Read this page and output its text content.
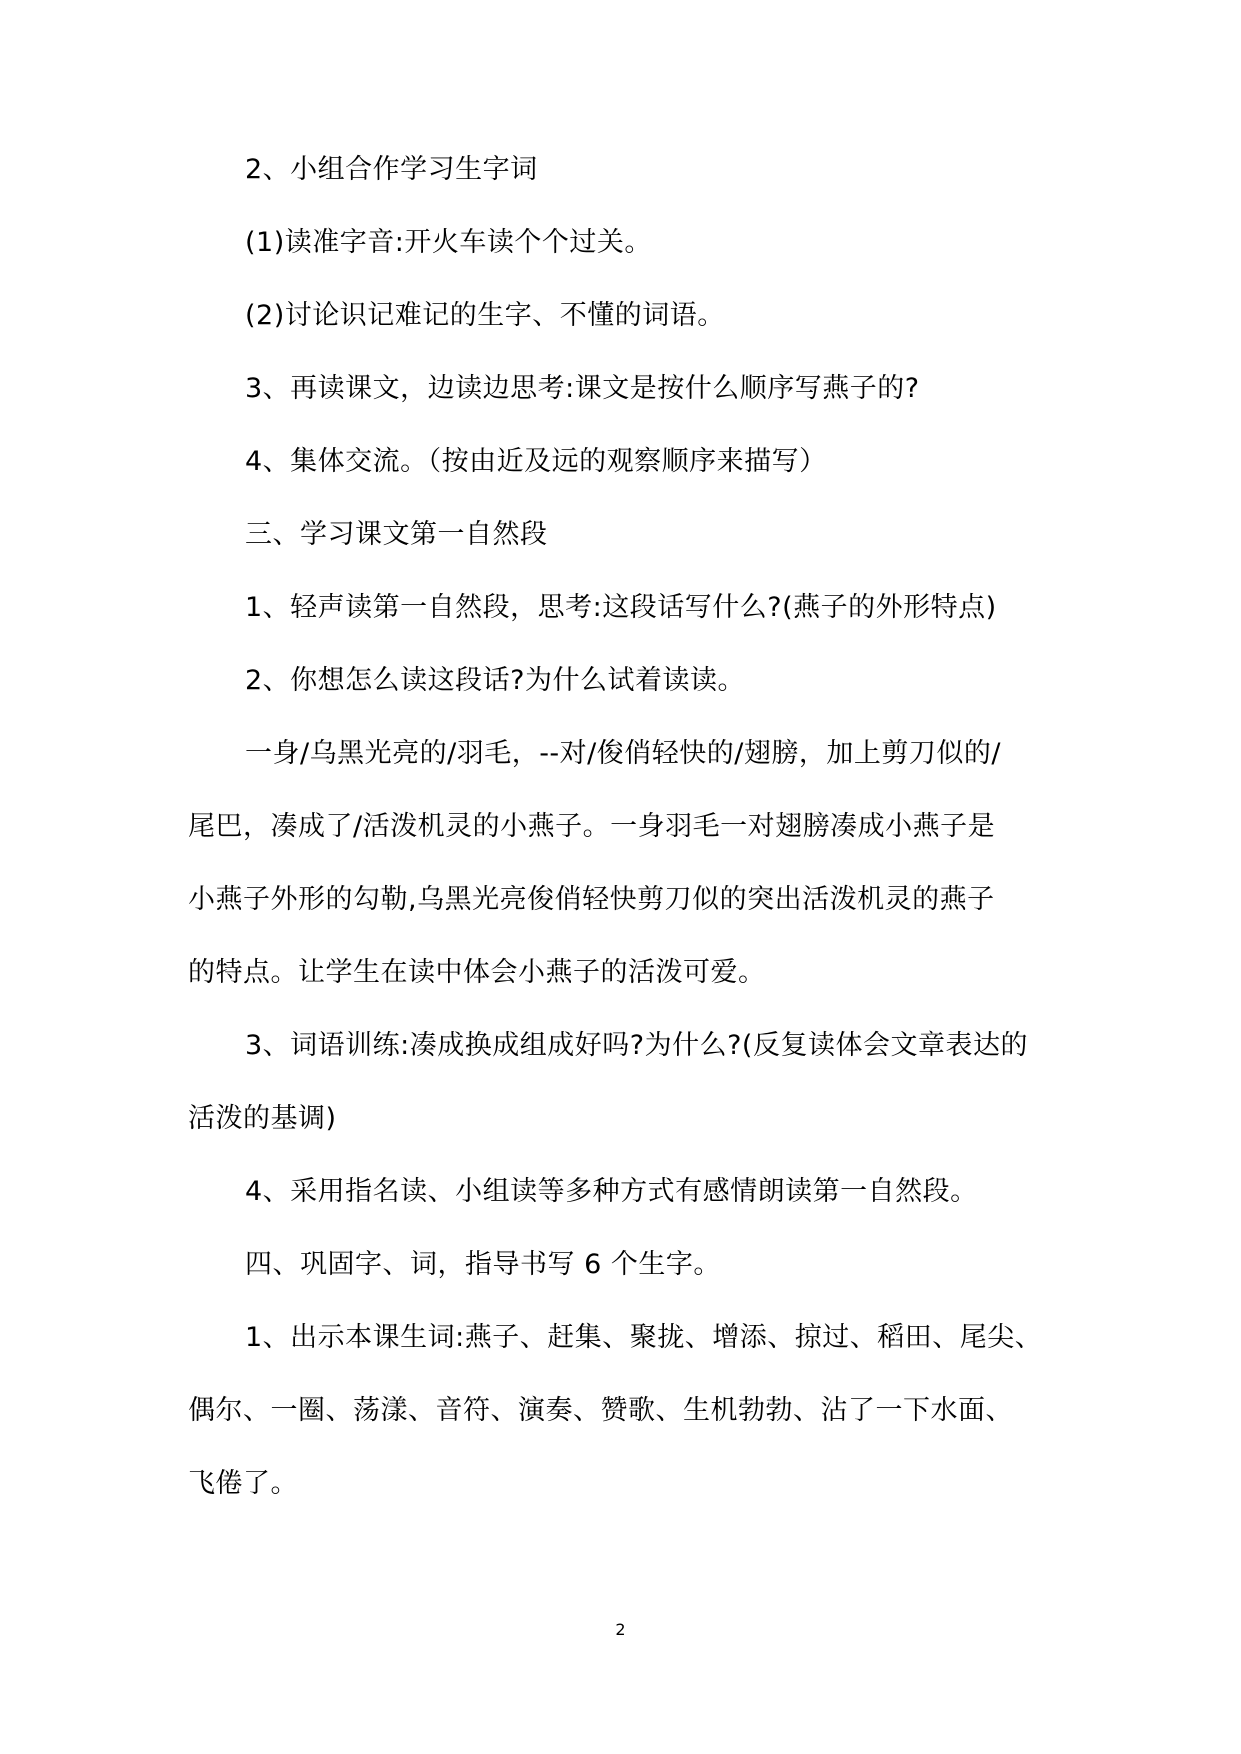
2、小组合作学习生字词
(1)读准字音:开火车读个个过关。
(2)讨论识记难记的生字、不懂的词语。
3、再读课文，边读边思考:课文是按什么顺序写燕子的?
4、集体交流。（按由近及远的观察顺序来描写）
三、学习课文第一自然段
1、轻声读第一自然段，思考:这段话写什么?(燕子的外形特点)
2、你想怎么读这段话?为什么试着读读。
一身/乌黑光亮的/羽毛，--对/俊俏轻快的/翅膀，加上剪刀似的/
尾巴，凑成了/活泼机灵的小燕子。一身羽毛一对翅膀凑成小燕子是
小燕子外形的勾勒,乌黑光亮俊俏轻快剪刀似的突出活泼机灵的燕子
的特点。让学生在读中体会小燕子的活泼可爱。
3、词语训练:凑成换成组成好吗?为什么?(反复读体会文章表达的
活泼的基调)
4、采用指名读、小组读等多种方式有感情朗读第一自然段。
四、巩固字、词，指导书写 6 个生字。
1、出示本课生词:燕子、赶集、聚拢、增添、掠过、稻田、尾尖、
偶尔、一圈、荡漾、音符、演奏、赞歌、生机勃勃、沾了一下水面、
飞倦了。
2
